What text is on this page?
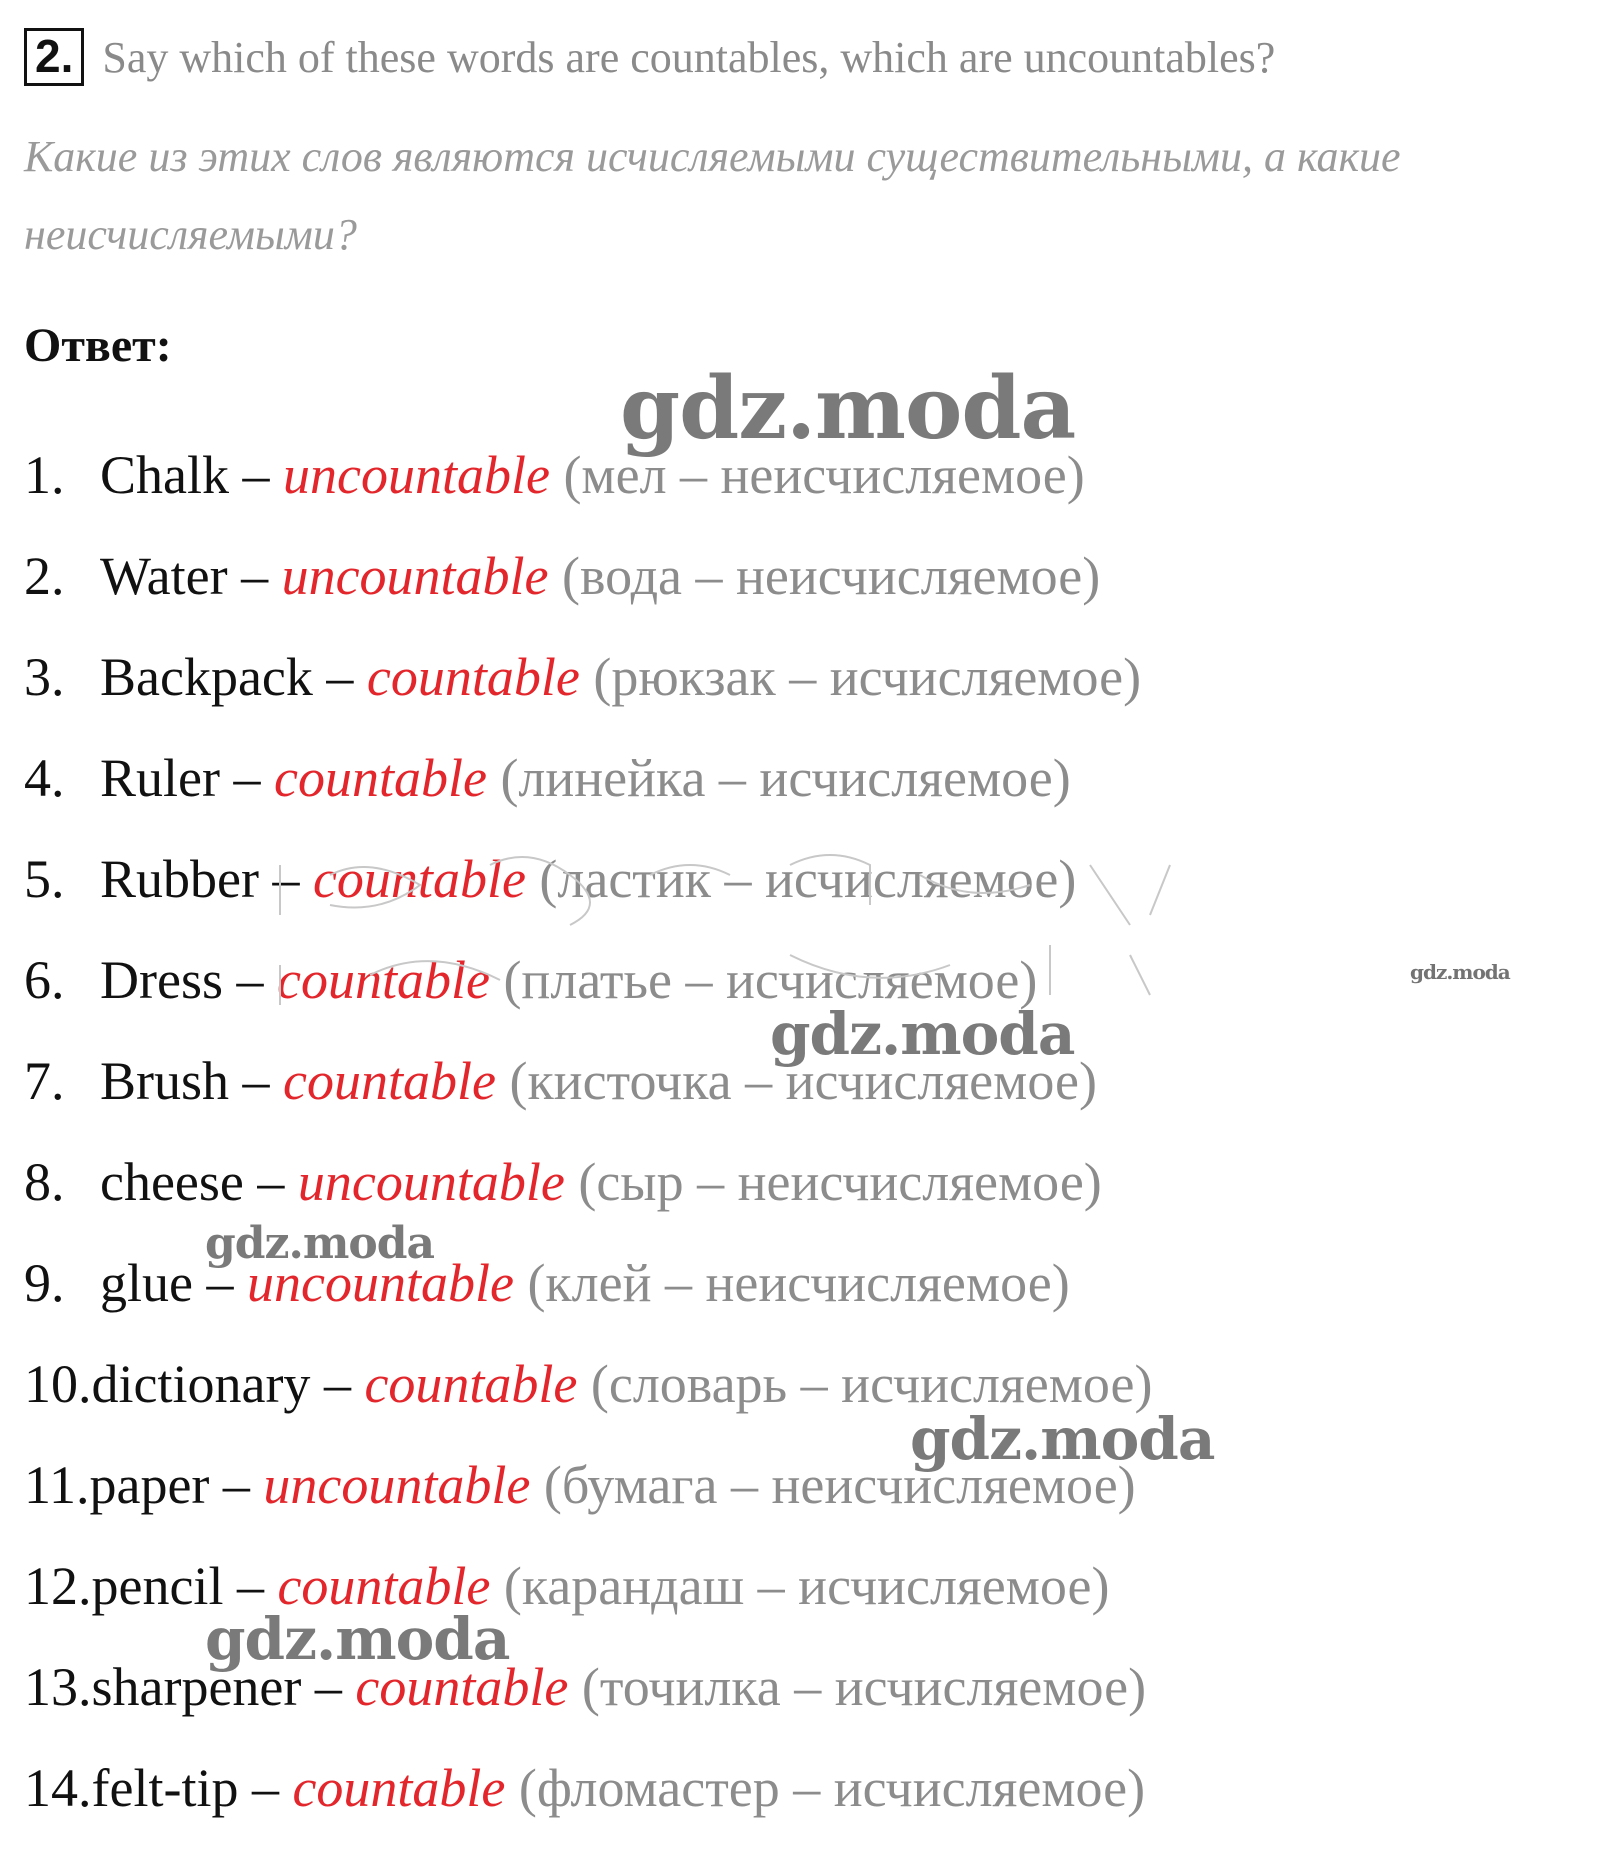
2. Say which of these words are countables, which are uncountables?
Какие из этих слов являются исчисляемыми существительными, а какие неисчисляемыми?
Ответ:
1. Chalk – uncountable (мел – неисчисляемое)
2. Water – uncountable (вода – неисчисляемое)
3. Backpack – countable (рюкзак – исчисляемое)
4. Ruler – countable (линейка – исчисляемое)
5. Rubber – countable (ластик – исчисляемое)
6. Dress – countable (платье – исчисляемое)
7. Brush – countable (кисточка – исчисляемое)
8. cheese – uncountable (сыр – неисчисляемое)
9. glue – uncountable (клей – неисчисляемое)
10.dictionary – countable (словарь – исчисляемое)
11.paper – uncountable (бумага – неисчисляемое)
12.pencil – countable (карандаш – исчисляемое)
13.sharpener – countable (точилка – исчисляемое)
14.felt-tip – countable (фломастер – исчисляемое)
gdz.moda
gdz.moda
gdz.moda
gdz.moda
gdz.moda
gdz.moda
